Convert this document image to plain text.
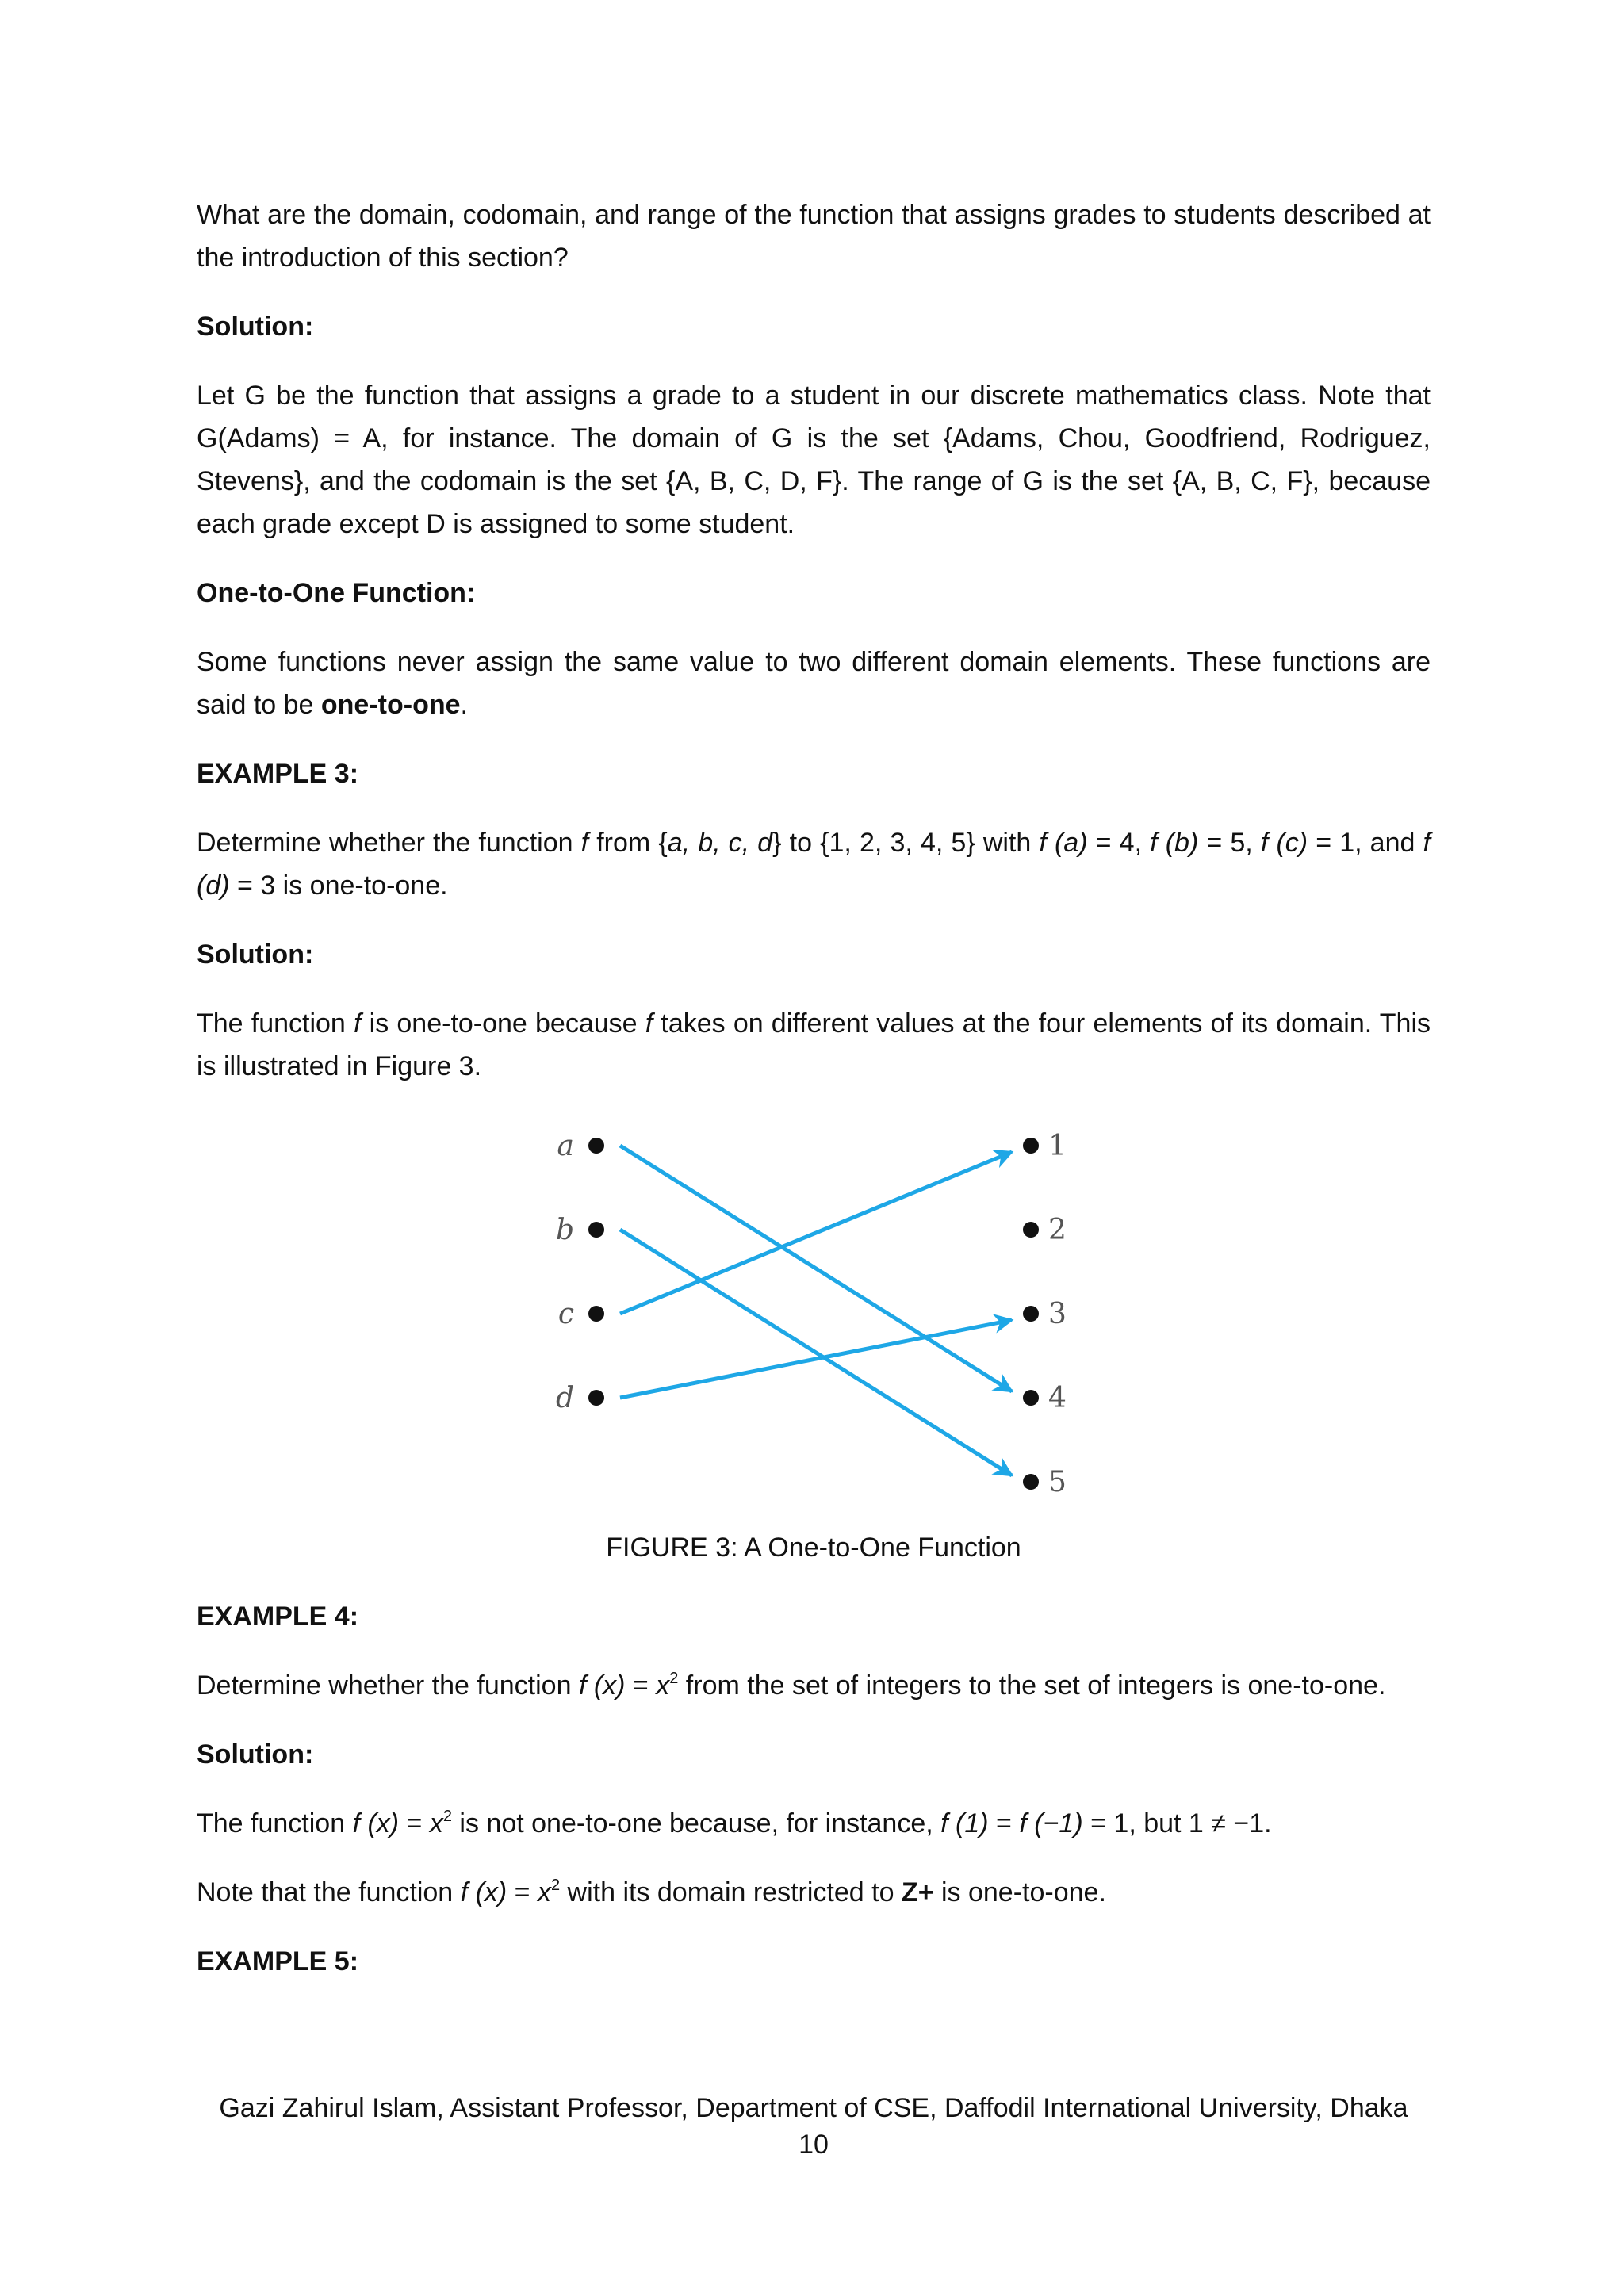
What are the domain, codomain, and range of the function that assigns grades to students described at the introduction of this section?

Solution:

Let G be the function that assigns a grade to a student in our discrete mathematics class. Note that G(Adams) = A, for instance. The domain of G is the set {Adams, Chou, Goodfriend, Rodriguez, Stevens}, and the codomain is the set {A, B, C, D, F}. The range of G is the set {A, B, C, F}, because each grade except D is assigned to some student.

One-to-One Function:

Some functions never assign the same value to two different domain elements. These functions are said to be one-to-one.

EXAMPLE 3:

Determine whether the function f from {a, b, c, d} to {1, 2, 3, 4, 5} with f (a) = 4, f (b) = 5, f (c) = 1, and f (d) = 3 is one-to-one.

Solution:

The function f is one-to-one because f takes on different values at the four elements of its domain. This is illustrated in Figure 3.

a
b
c
d
1
2
3
4
5

FIGURE 3: A One-to-One Function

EXAMPLE 4:

Determine whether the function f $(x) = x^2$ from the set of integers to the set of integers is one-to-one.

Solution:

The function f $(x) = x^2$ is not one-to-one because, for instance, f (1) = f (−1) = 1, but 1 ≠ −1.

Note that the function f $(x) = x^2$ with its domain restricted to Z+ is one-to-one.

EXAMPLE 5:

Gazi Zahirul Islam, Assistant Professor, Department of CSE, Daffodil International University, Dhaka
10
